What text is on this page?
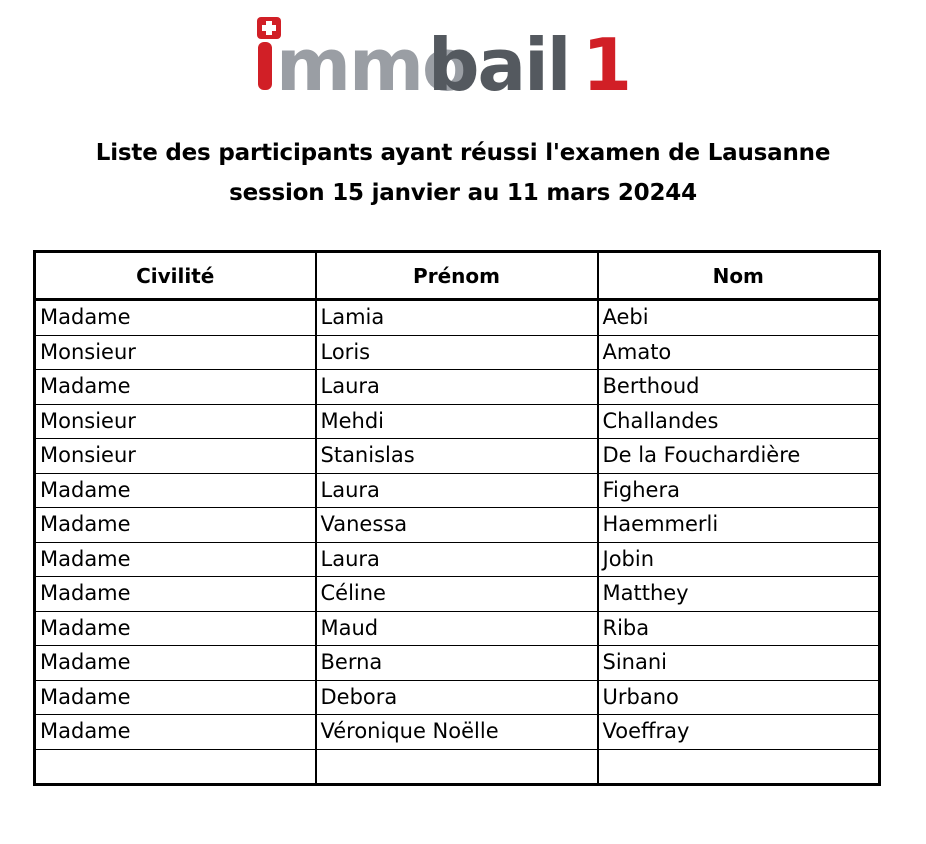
mmo
bail 1
Liste des participants ayant réussi l'examen de Lausanne
session 15 janvier au 11 mars 20244
Civilité	Prénom	Nom
Madame	Lamia	Aebi
Monsieur	Loris	Amato
Madame	Laura	Berthoud
Monsieur	Mehdi	Challandes
Monsieur	Stanislas	De la Fouchardière
Madame	Laura	Fighera
Madame	Vanessa	Haemmerli
Madame	Laura	Jobin
Madame	Céline	Matthey
Madame	Maud	Riba
Madame	Berna	Sinani
Madame	Debora	Urbano
Madame	Véronique Noëlle	Voeffray
